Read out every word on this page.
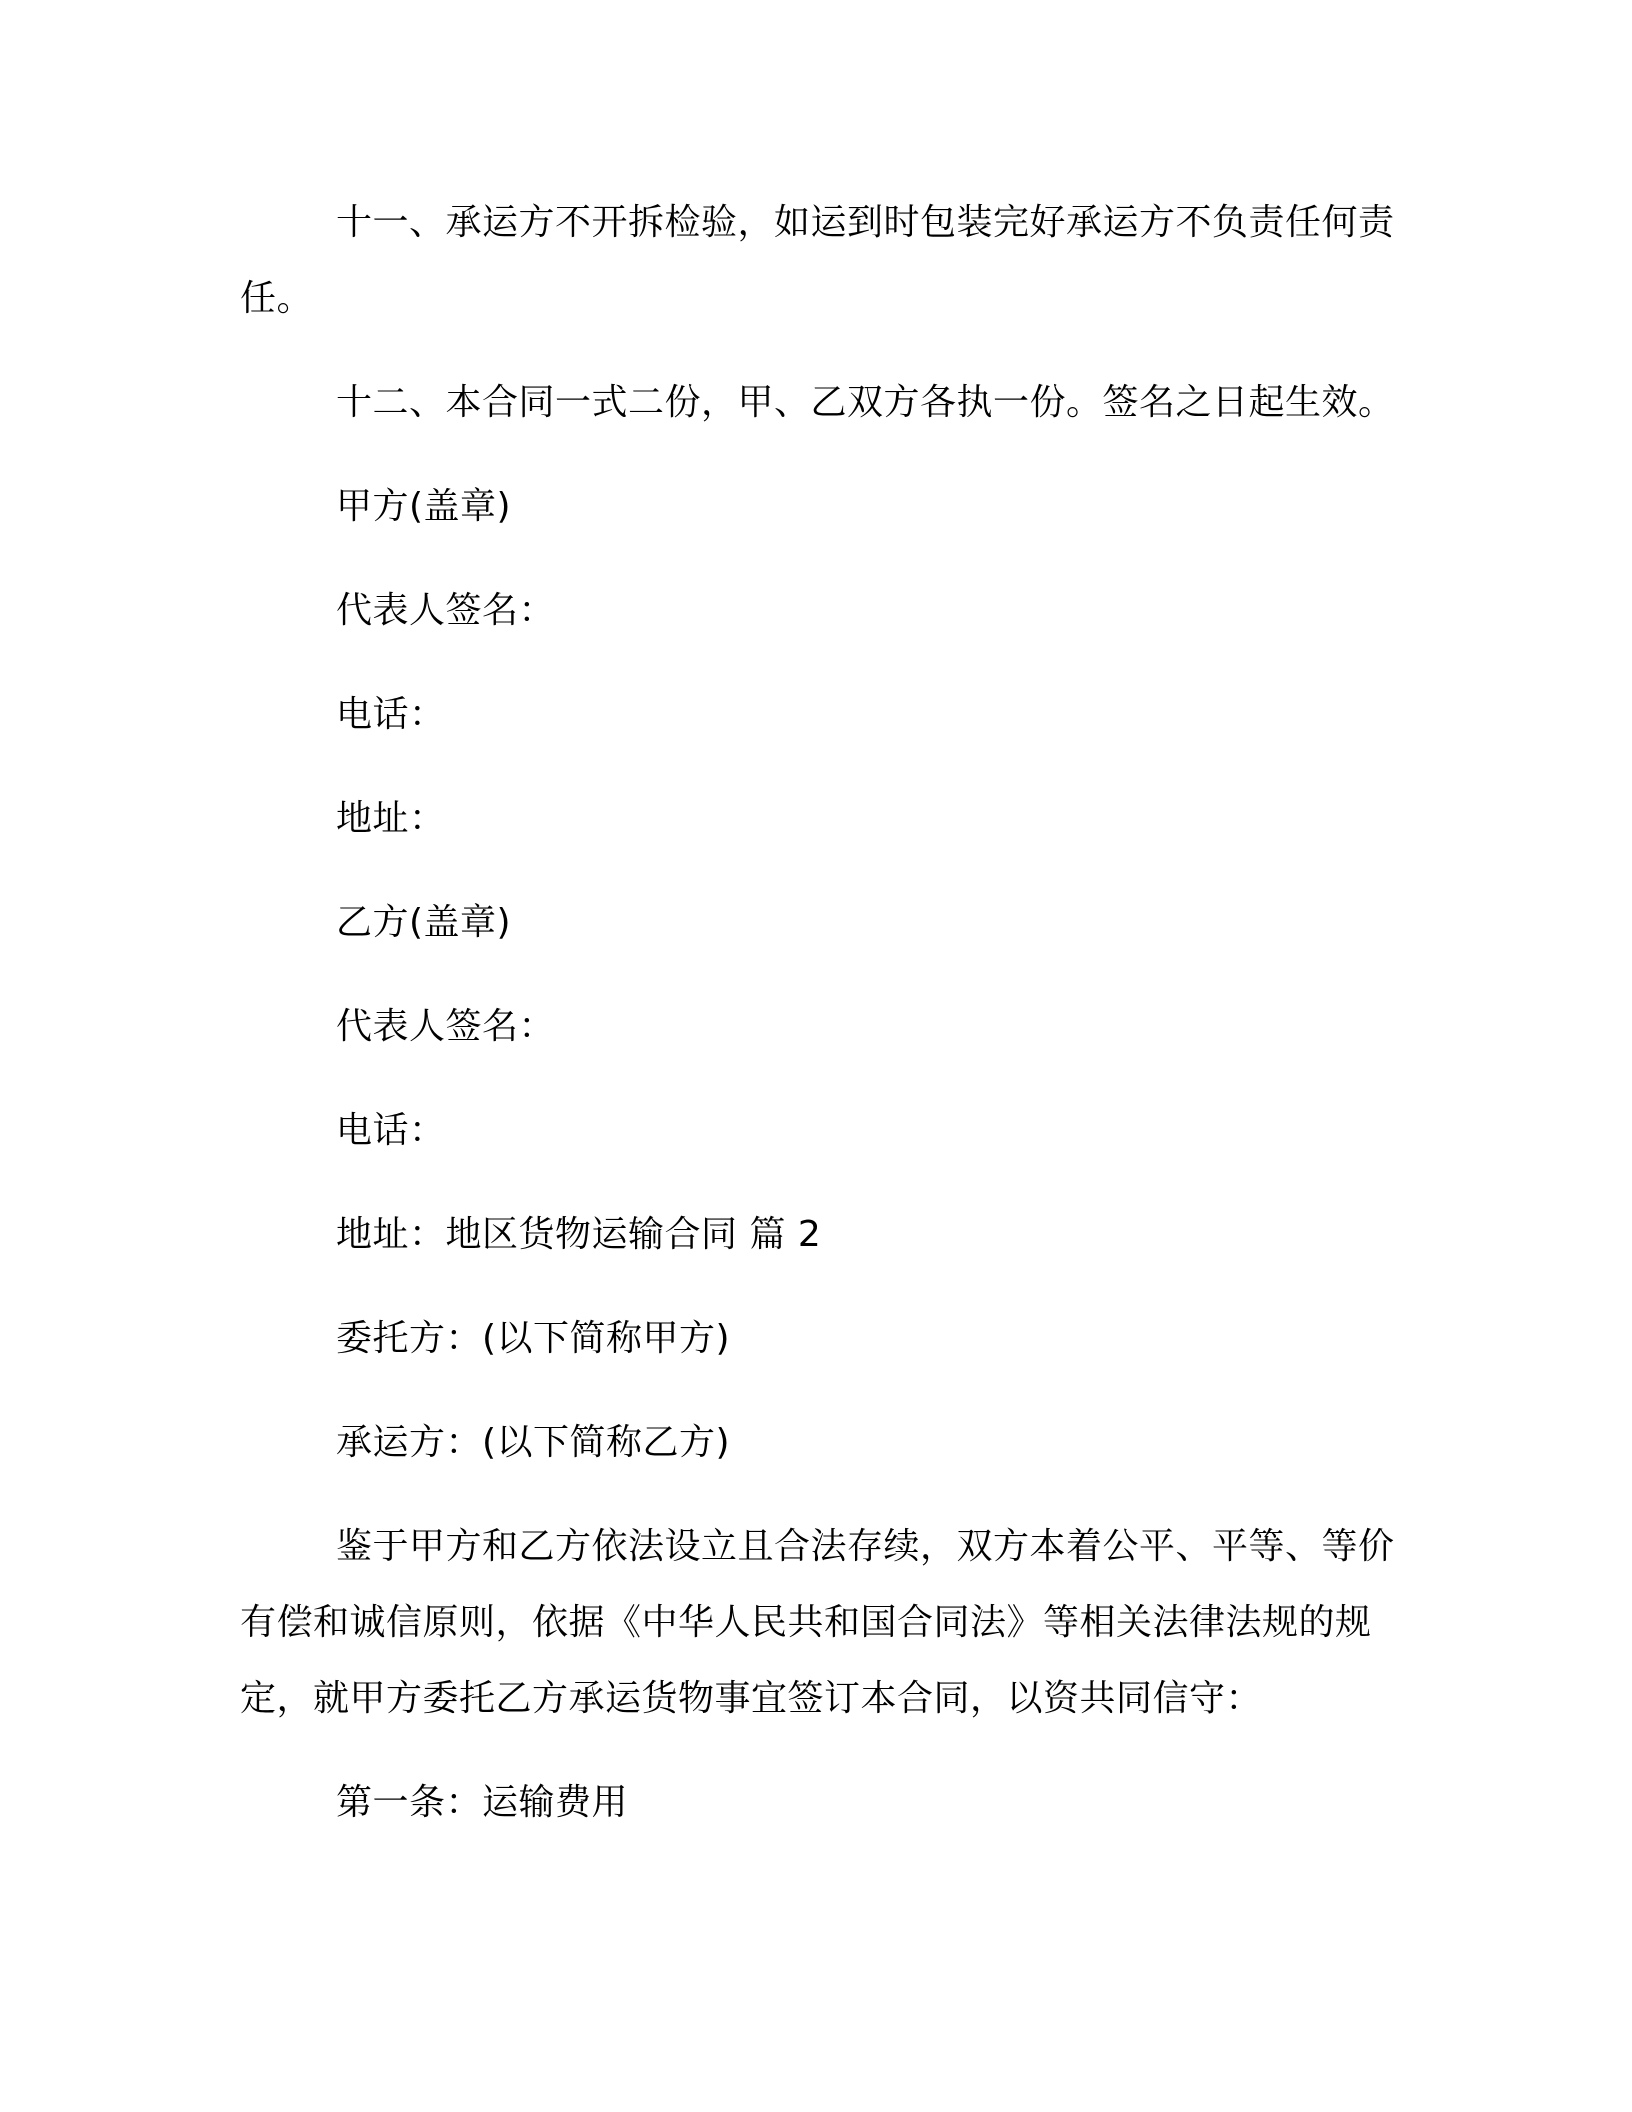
十一、承运方不开拆检验，如运到时包装完好承运方不负责任何责任。

十二、本合同一式二份，甲、乙双方各执一份。签名之日起生效。

甲方(盖章)

代表人签名：

电话：

地址：

乙方(盖章)

代表人签名：

电话：

地址：地区货物运输合同 篇 2

委托方：(以下简称甲方)

承运方：(以下简称乙方)

鉴于甲方和乙方依法设立且合法存续，双方本着公平、平等、等价有偿和诚信原则，依据《中华人民共和国合同法》等相关法律法规的规定，就甲方委托乙方承运货物事宜签订本合同，以资共同信守：

第一条：运输费用
